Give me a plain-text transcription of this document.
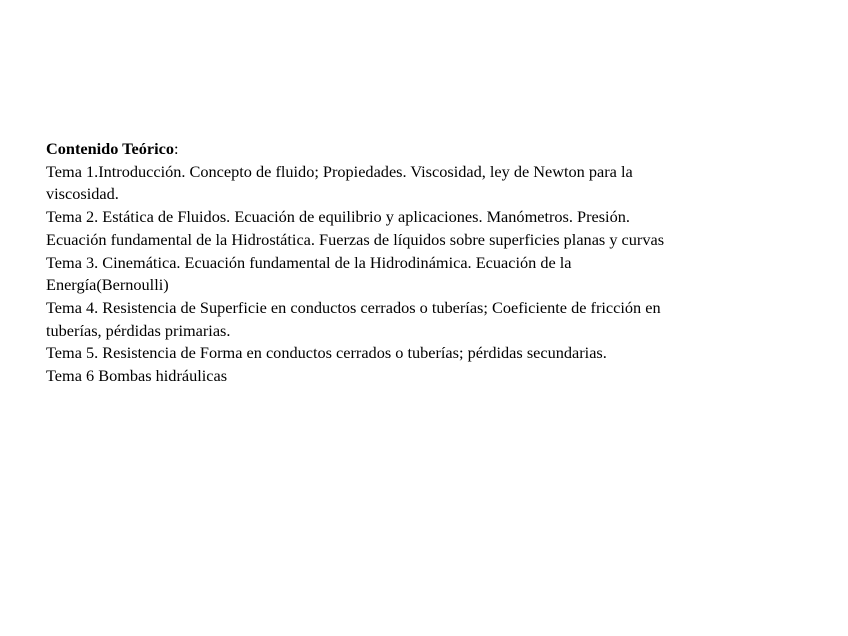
Contenido Teórico:

Tema 1.Introducción. Concepto de fluido; Propiedades. Viscosidad, ley de Newton para la
viscosidad.

Tema 2. Estática de Fluidos. Ecuación de equilibrio y aplicaciones. Manómetros. Presión.
Ecuación fundamental de la Hidrostática. Fuerzas de líquidos sobre superficies planas y curvas

Tema 3. Cinemática. Ecuación fundamental de la Hidrodinámica. Ecuación de la
Energía(Bernoulli)

Tema 4. Resistencia de Superficie en conductos cerrados o tuberías; Coeficiente de fricción en
tuberías, pérdidas primarias.

Tema 5. Resistencia de Forma en conductos cerrados o tuberías; pérdidas secundarias.

Tema 6 Bombas hidráulicas
